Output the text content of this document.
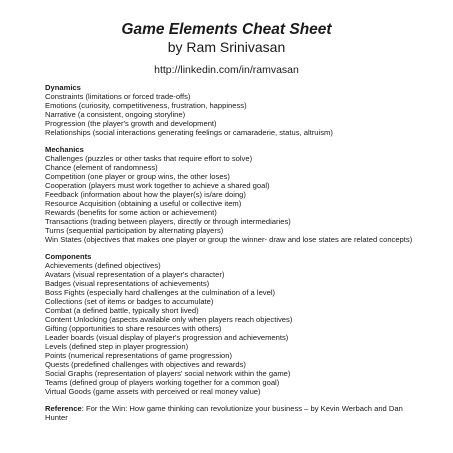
Game Elements Cheat Sheet

by Ram Srinivasan

http://linkedin.com/in/ramvasan

Dynamics

Constraints (limitations or forced trade-offs)

Emotions (curiosity, competitiveness, frustration, happiness)

Narrative (a consistent, ongoing storyline)

Progression (the player's growth and development)

Relationships (social interactions generating feelings or camaraderie, status, altruism)

Mechanics

Challenges (puzzles or other tasks that require effort to solve)

Chance (element of randomness)

Competition (one player or group wins, the other loses)

Cooperation (players must work together to achieve a shared goal)

Feedback (information about how the player(s) is/are doing)

Resource Acquisition (obtaining a useful or collective item)

Rewards (benefits for some action or achievement)

Transactions (trading between players, directly or through intermediaries)

Turns (sequential participation by alternating players)

Win States (objectives that makes one player or group the winner- draw and lose states are related concepts)

Components

Achievements (defined objectives)

Avatars (visual representation of a player's character)

Badges (visual representations of achievements)

Boss Fights (especially hard challenges at the culmination of a level)

Collections (set of items or badges to accumulate)

Combat (a defined battle, typically short lived)

Content Unlocking (aspects available only when players reach objectives)

Gifting (opportunities to share resources with others)

Leader boards (visual display of player's progression and achievements)

Levels (defined step in player progression)

Points (numerical representations of game progression)

Quests (predefined challenges with objectives and rewards)

Social Graphs (representation of players' social network within the game)

Teams (defined group of players working together for a common goal)

Virtual Goods (game assets with perceived or real money value)

Reference: For the Win: How game thinking can revolutionize your business – by Kevin Werbach and Dan Hunter
